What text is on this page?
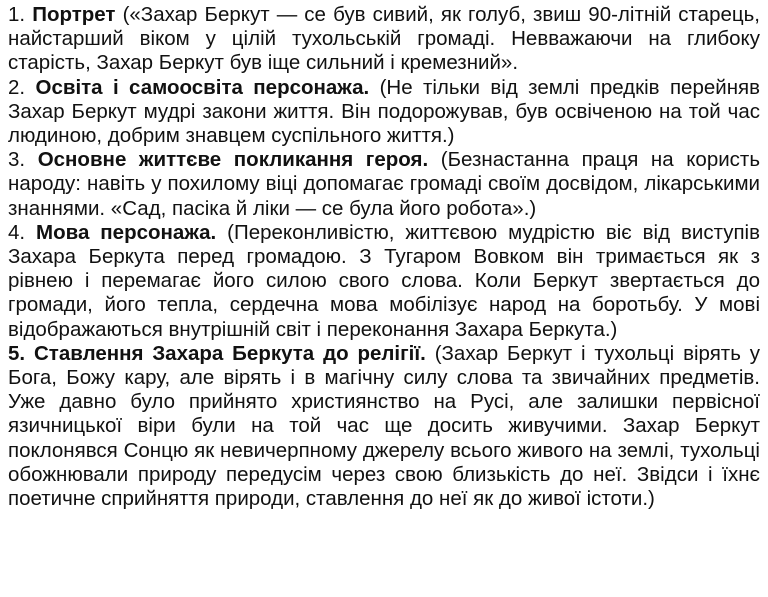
1. Портрет («Захар Беркут — се був сивий, як голуб, звиш 90-літній старець, найстарший віком у цілій тухольській громаді. Невважаючи на глибоку старість, Захар Беркут був іще сильний і кремезний».

2. Освіта і самоосвіта персонажа. (Не тільки від землі предків перейняв Захар Беркут мудрі закони життя. Він подорожував, був освіченою на той час людиною, добрим знавцем суспільного життя.)

3. Основне життєве покликання героя. (Безнастанна праця на користь народу: навіть у похилому віці допомагає громаді своїм досвідом, лікарськими знаннями. «Сад, пасіка й ліки — се була його робота».)

4. Мова персонажа. (Переконливістю, життєвою мудрістю віє від виступів Захара Беркута перед громадою. З Тугаром Вовком він тримається як з рівнею і перемагає його силою свого слова. Коли Беркут звертається до громади, його тепла, сердечна мова мобілізує народ на боротьбу. У мові відображаються внутрішній світ і переконання Захара Беркута.)

5. Ставлення Захара Беркута до релігії. (Захар Беркут і тухольці вірять у Бога, Божу кару, але вірять і в магічну силу слова та звичайних предметів. Уже давно було прийнято християнство на Русі, але залишки первісної язичницької віри були на той час ще досить живучими. Захар Беркут поклонявся Сонцю як невичерпному джерелу всього живого на землі, тухольці обожнювали природу передусім через свою близькість до неї. Звідси і їхнє поетичне сприйняття природи, ставлення до неї як до живої істоти.)
